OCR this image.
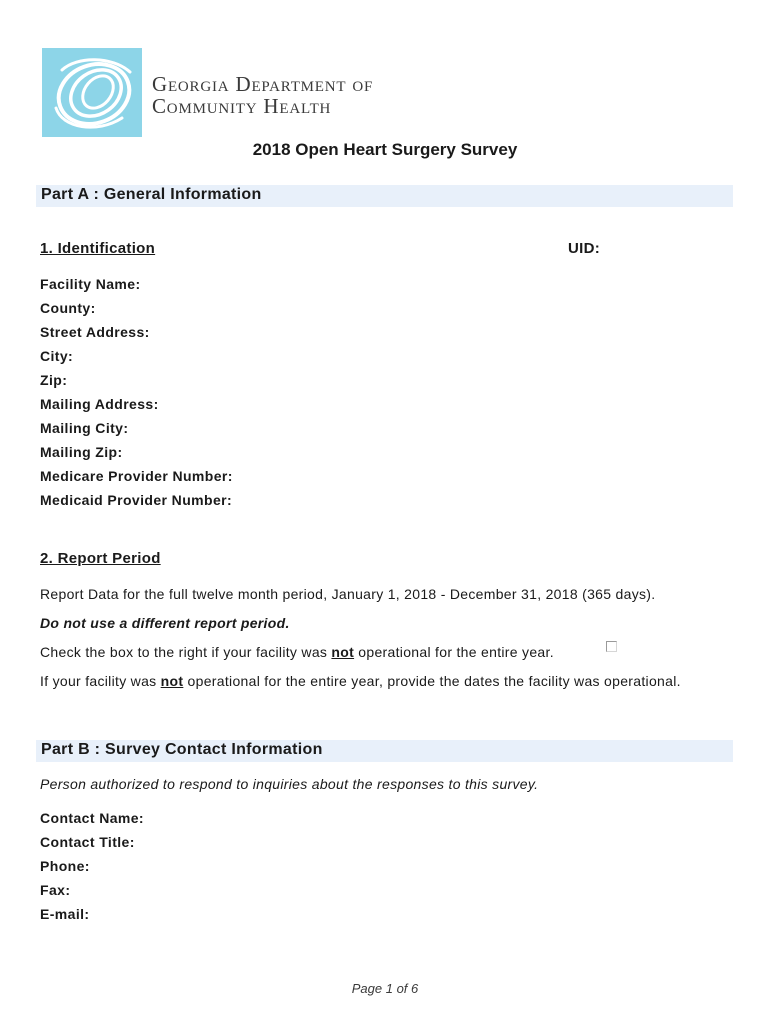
Georgia Department of
Community Health
2018 Open Heart Surgery Survey
Part A : General Information
1. Identification	UID:
Facility Name:
County:
Street Address:
City:
Zip:
Mailing Address:
Mailing City:
Mailing Zip:
Medicare Provider Number:
Medicaid Provider Number:
2. Report Period
Report Data for the full twelve month period, January 1, 2018 - December 31, 2018 (365 days).
Do not use a different report period.
Check the box to the right if your facility was not operational for the entire year.
If your facility was not operational for the entire year, provide the dates the facility was operational.
Part B : Survey Contact Information
Person authorized to respond to inquiries about the responses to this survey.
Contact Name:
Contact Title:
Phone:
Fax:
E-mail:
Page 1 of 6
